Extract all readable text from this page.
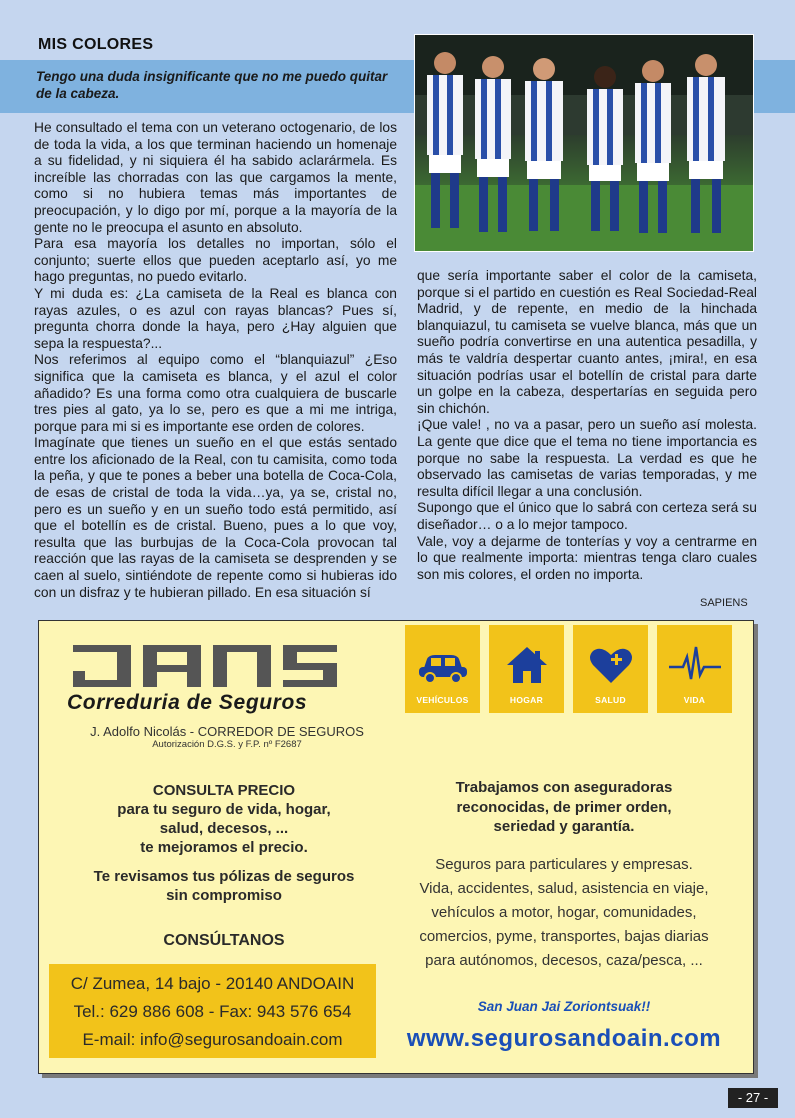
MIS COLORES
Tengo una duda insignificante que no me puedo quitar de la cabeza.

He consultado el tema con un veterano octogenario, de los de toda la vida, a los que terminan haciendo un homenaje a su fidelidad, y ni siquiera él ha sabido aclarármela. Es increíble las chorradas con las que cargamos la mente, como si no hubiera temas más importantes de preocupación, y lo digo por mí, porque a la mayoría de la gente no le preocupa el asunto en absoluto.

Para esa mayoría los detalles no importan, sólo el conjunto; suerte ellos que pueden aceptarlo así, yo me hago preguntas, no puedo evitarlo.

Y mi duda es: ¿La camiseta de la Real es blanca con rayas azules, o es azul con rayas blancas? Pues sí, pregunta chorra donde la haya, pero ¿Hay alguien que sepa la respuesta?...

Nos referimos al equipo como el “blanquiazul” ¿Eso significa que la camiseta es blanca, y el azul el color añadido? Es una forma como otra cualquiera de buscarle tres pies al gato, ya lo se, pero es que a mi me intriga, porque para mi si es importante ese orden de colores.

Imagínate que tienes un sueño en el que estás sentado entre los aficionado de la Real, con tu camisita, como toda la peña, y que te pones a beber una botella de Coca-Cola, de esas de cristal de toda la vida…ya, ya se, cristal no, pero es un sueño y en un sueño todo está permitido, así que el botellín es de cristal. Bueno, pues a lo que voy, resulta que las burbujas de la Coca-Cola provocan tal reacción que las rayas de la camiseta se desprenden y se caen al suelo, sintiéndote de repente como si hubieras ido con un disfraz y te hubieran pillado. En esa situación sí

que sería importante saber el color de la camiseta, porque si el partido en cuestión es Real Sociedad-Real Madrid, y de repente, en medio de la hinchada blanquiazul, tu camiseta se vuelve blanca, más que un sueño podría convertirse en una autentica pesadilla, y más te valdría despertar cuanto antes, ¡mira!, en esa situación podrías usar el botellín de cristal para darte un golpe en la cabeza, despertarías en seguida pero sin chichón.

¡Que vale! , no va a pasar, pero un sueño así molesta. La gente que dice que el tema no tiene importancia es porque no sabe la respuesta. La verdad es que he observado las camisetas de varias temporadas, y me resulta difícil llegar a una conclusión.

Supongo que el único que lo sabrá con certeza será su diseñador… o a lo mejor tampoco.

Vale, voy a dejarme de tonterías y voy a centrarme en lo que realmente importa: mientras tenga claro cuales son mis colores, el orden no importa.

SAPIENS
Correduria de Seguros
J. Adolfo Nicolás - CORREDOR DE SEGUROS
Autorización D.G.S. y F.P. nº F2687
VEHÍCULOS	HOGAR	SALUD	VIDA
CONSULTA PRECIO
para tu seguro de vida, hogar,
salud, decesos, ...
te mejoramos el precio.
Te revisamos tus pólizas de seguros
sin compromiso
CONSÚLTANOS
C/ Zumea, 14 bajo - 20140 ANDOAIN
Tel.: 629 886 608 - Fax: 943 576 654
E-mail: info@segurosandoain.com
Trabajamos con aseguradoras
reconocidas, de primer orden,
seriedad y garantía.
Seguros para particulares y empresas.
Vida, accidentes, salud, asistencia en viaje,
vehículos a motor, hogar, comunidades,
comercios, pyme, transportes, bajas diarias
para autónomos, decesos, caza/pesca, ...
San Juan Jai Zoriontsuak!!
www.segurosandoain.com
- 27 -
